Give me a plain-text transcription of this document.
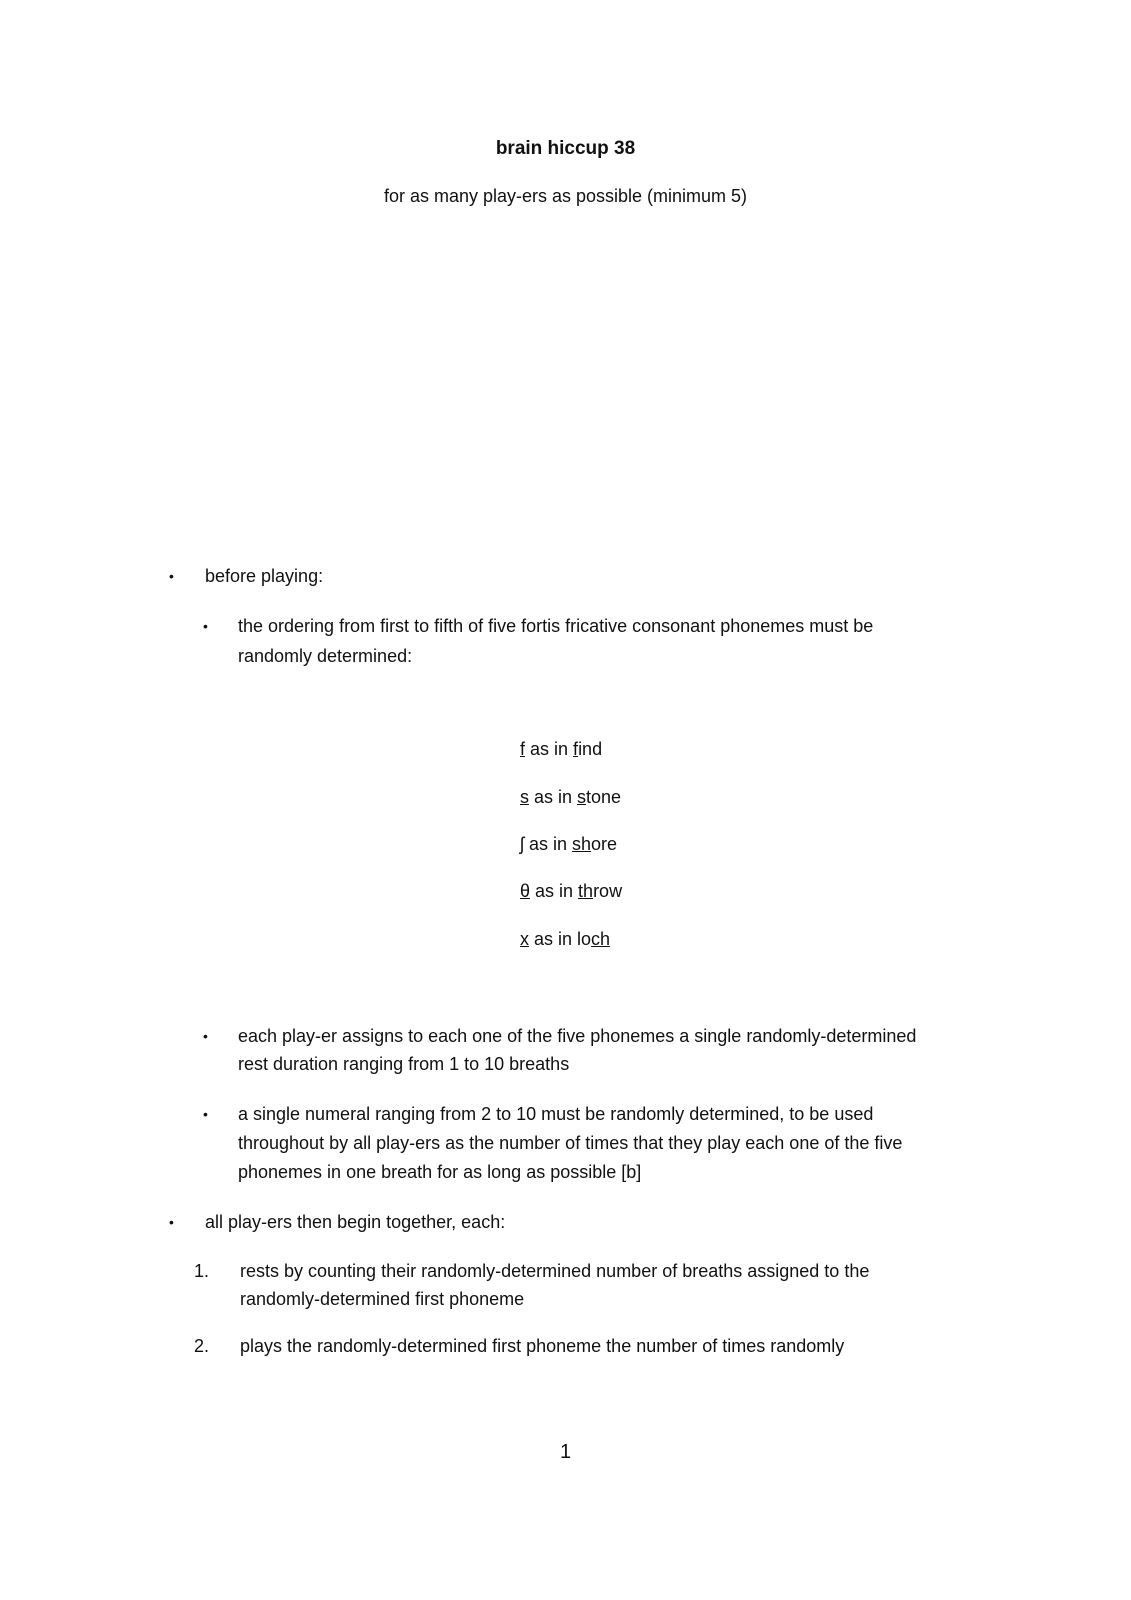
brain hiccup 38
for as many play-ers as possible (minimum 5)
• before playing:
• the ordering from first to fifth of five fortis fricative consonant phonemes must be
randomly determined:
f as in find
s as in stone
ʃ as in shore
θ as in throw
x as in loch
• each play-er assigns to each one of the five phonemes a single randomly-determined
rest duration ranging from 1 to 10 breaths
• a single numeral ranging from 2 to 10 must be randomly determined, to be used
throughout by all play-ers as the number of times that they play each one of the five
phonemes in one breath for as long as possible [b]
• all play-ers then begin together, each:
1. rests by counting their randomly-determined number of breaths assigned to the
randomly-determined first phoneme
2. plays the randomly-determined first phoneme the number of times randomly
1
